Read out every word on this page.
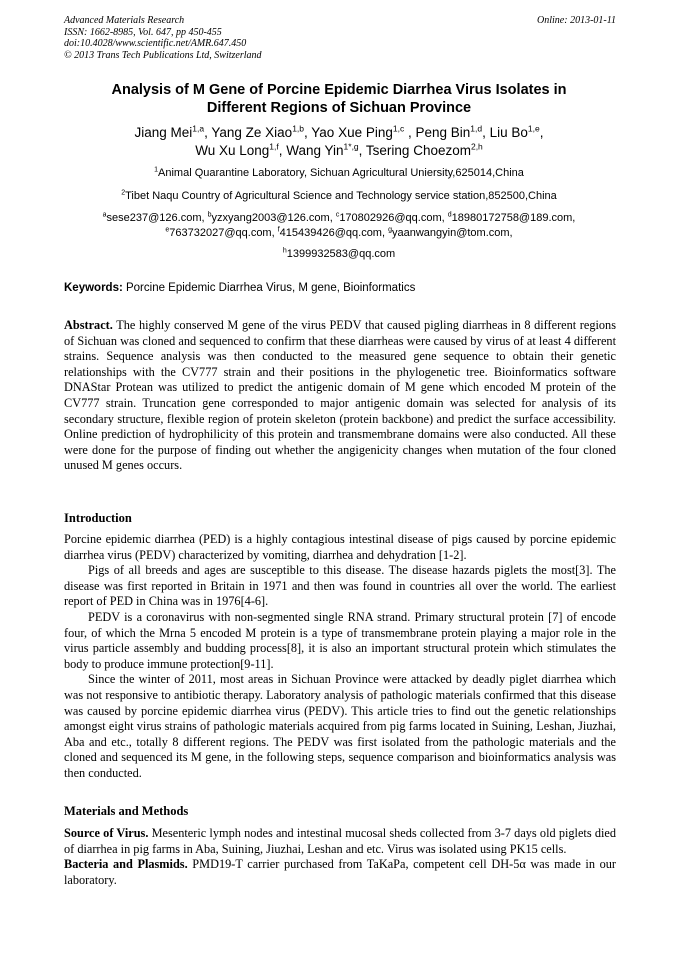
Advanced Materials Research
ISSN: 1662-8985, Vol. 647, pp 450-455
doi:10.4028/www.scientific.net/AMR.647.450
© 2013 Trans Tech Publications Ltd, Switzerland
Online: 2013-01-11
Analysis of M Gene of Porcine Epidemic Diarrhea Virus Isolates in
Different Regions of Sichuan Province
Jiang Mei$^{1,a}$, Yang Ze Xiao$^{1,b}$, Yao Xue Ping$^{1,c}$ , Peng Bin$^{1,d}$, Liu Bo$^{1,e}$,
Wu Xu Long$^{1,f}$, Wang Yin$^{1*,g}$, Tsering Choezom$^{2,h}$
$^1$Animal Quarantine Laboratory, Sichuan Agricultural Uniersity,625014,China
$^2$Tibet Naqu Country of Agricultural Science and Technology service station,852500,China
$^a$sese237@126.com, $^b$yzxyang2003@126.com, $^c$170802926@qq.com, $^d$18980172758@189.com,
$^e$763732027@qq.com, $^f$415439426@qq.com, $^g$yaanwangyin@tom.com,
$^h$1399932583@qq.com
Keywords: Porcine Epidemic Diarrhea Virus, M gene, Bioinformatics
Abstract. The highly conserved M gene of the virus PEDV that caused pigling diarrheas in 8 different regions of Sichuan was cloned and sequenced to confirm that these diarrheas were caused by virus of at least 4 different strains. Sequence analysis was then conducted to the measured gene sequence to obtain their genetic relationships with the CV777 strain and their positions in the phylogenetic tree. Bioinformatics software DNAStar Protean was utilized to predict the antigenic domain of M gene which encoded M protein of the CV777 strain. Truncation gene corresponded to major antigenic domain was selected for analysis of its secondary structure, flexible region of protein skeleton (protein backbone) and predict the surface accessibility. Online prediction of hydrophilicity of this protein and transmembrane domains were also conducted. All these were done for the purpose of finding out whether the angigenicity changes when mutation of the four cloned unused M genes occurs.
Introduction

Porcine epidemic diarrhea (PED) is a highly contagious intestinal disease of pigs caused by porcine epidemic diarrhea virus (PEDV) characterized by vomiting, diarrhea and dehydration [1-2].

Pigs of all breeds and ages are susceptible to this disease. The disease hazards piglets the most[3]. The disease was first reported in Britain in 1971 and then was found in countries all over the world. The earliest report of PED in China was in 1976[4-6].

PEDV is a coronavirus with non-segmented single RNA strand. Primary structural protein [7] of encode four, of which the Mrna 5 encoded M protein is a type of transmembrane protein playing a major role in the virus particle assembly and budding process[8], it is also an important structural protein which stimulates the body to produce immune protection[9-11].

Since the winter of 2011, most areas in Sichuan Province were attacked by deadly piglet diarrhea which was not responsive to antibiotic therapy. Laboratory analysis of pathologic materials confirmed that this disease was caused by porcine epidemic diarrhea virus (PEDV). This article tries to find out the genetic relationships amongst eight virus strains of pathologic materials acquired from pig farms located in Suining, Leshan, Jiuzhai, Aba and etc., totally 8 different regions. The PEDV was first isolated from the pathologic materials and the cloned and sequenced its M gene, in the following steps, sequence comparison and bioinformatics analysis was then conducted.

Materials and Methods

Source of Virus. Mesenteric lymph nodes and intestinal mucosal sheds collected from 3-7 days old piglets died of diarrhea in pig farms in Aba, Suining, Jiuzhai, Leshan and etc. Virus was isolated using PK15 cells.

Bacteria and Plasmids. PMD19-T carrier purchased from TaKaPa, competent cell DH-5α was made in our laboratory.
